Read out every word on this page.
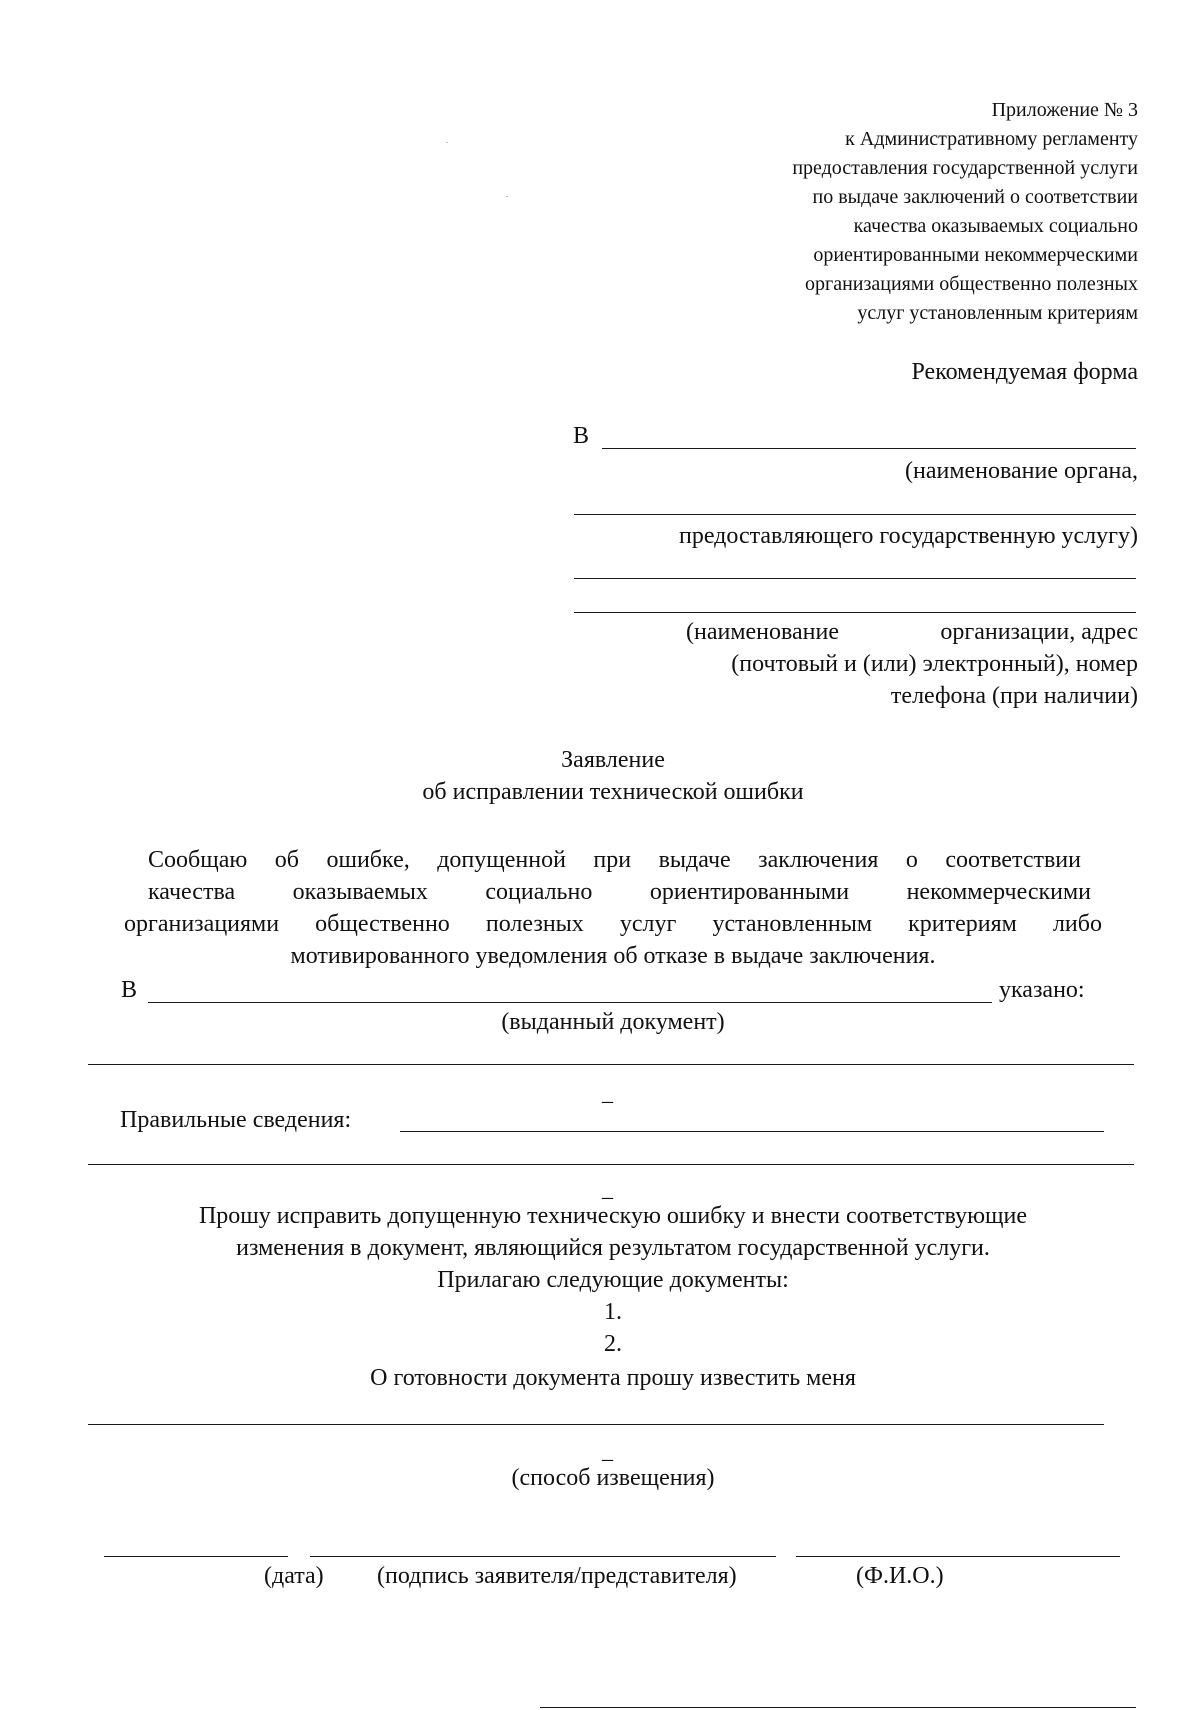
Приложение № 3
к Административному регламенту
предоставления государственной услуги
по выдаче заключений о соответствии
качества оказываемых социально
ориентированными некоммерческими
организациями общественно полезных
услуг установленным критериям
Рекомендуемая форма
В
(наименование органа,
предоставляющего государственную услугу)
(наименование	организации, адрес
(почтовый и (или) электронный), номер
телефона (при наличии)
Заявление
об исправлении технической ошибки
Сообщаю об ошибке, допущенной при выдаче заключения о соответствии
качества оказываемых социально ориентированными некоммерческими
организациями общественно полезных услуг установленным критериям либо
мотивированного уведомления об отказе в выдаче заключения.
В	указано:
(выданный документ)
_
Правильные сведения:
_
Прошу исправить допущенную техническую ошибку и внести соответствующие
изменения в документ, являющийся результатом государственной услуги.
Прилагаю следующие документы:
1.
2.
О готовности документа прошу известить меня
_
(способ извещения)
(дата) (подпись заявителя/представителя)	(Ф.И.О.)
